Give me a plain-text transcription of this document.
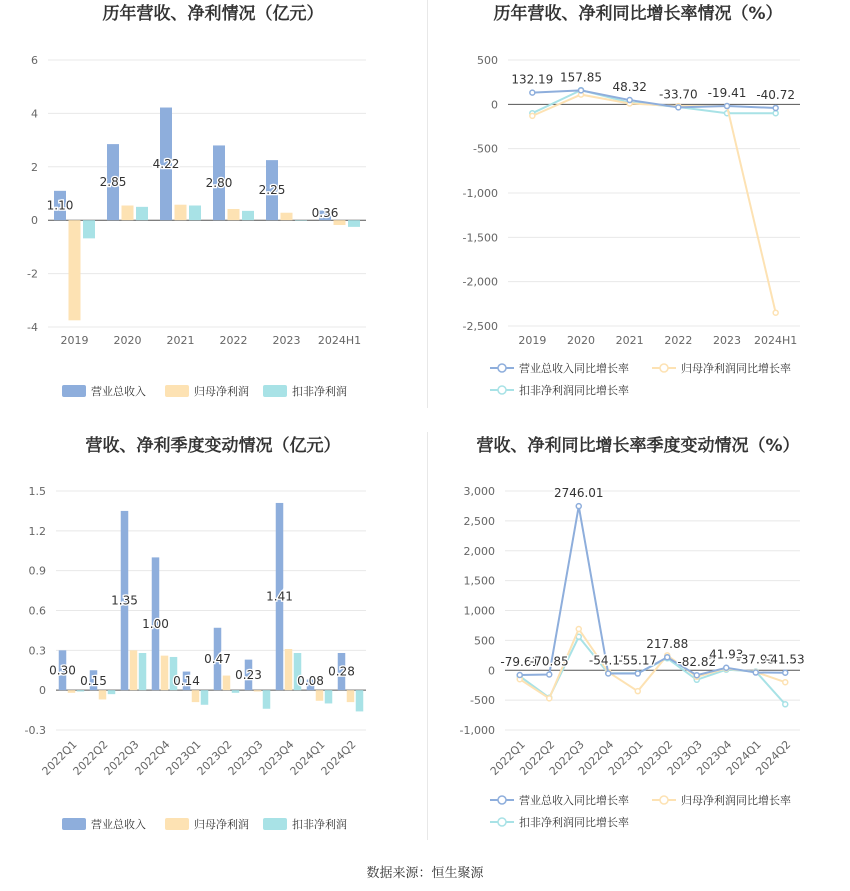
历年营收、净利情况（亿元）
-4
-2
0
2
4
6
2019 2020 2021 2022 2023 2024H1
1.10
2.85
4.22
2.80
2.25
0.36
营业总收入	归母净利润	扣非净利润
历年营收、净利同比增长率情况（%）
-2,500
-2,000
-1,500
-1,000
-500
0
500
2019 2020 2021 2022 2023 2024H1
132.19 157.85
48.32
-33.70 -19.41 -40.72
营业总收入同比增长率	归母净利润同比增长率
扣非净利润同比增长率
营收、净利季度变动情况（亿元）
-0.3
0
0.3
0.6
0.9
1.2
1.5
2022Q1
2022Q2
2022Q3
2022Q4
2023Q1
2023Q2
2023Q3
2023Q4
2024Q1
2024Q2
0.30
0.15
1.35
1.00
0.14
0.47
0.23
1.41
0.08
0.28
营业总收入	归母净利润	扣非净利润
营收、净利同比增长率季度变动情况（%）
-1,000
-500
0
500
1,000
1,500
2,000
2,500
3,000
2022Q1
2022Q2
2022Q3
2022Q4
2023Q1
2023Q2
2023Q3
2023Q4
2024Q1
2024Q2
-79.61
-70.85
2746.01
-54.17
-55.17
217.88
-82.82
41.93
-37.93
-41.53
营业总收入同比增长率	归母净利润同比增长率
扣非净利润同比增长率
数据来源：恒生聚源
